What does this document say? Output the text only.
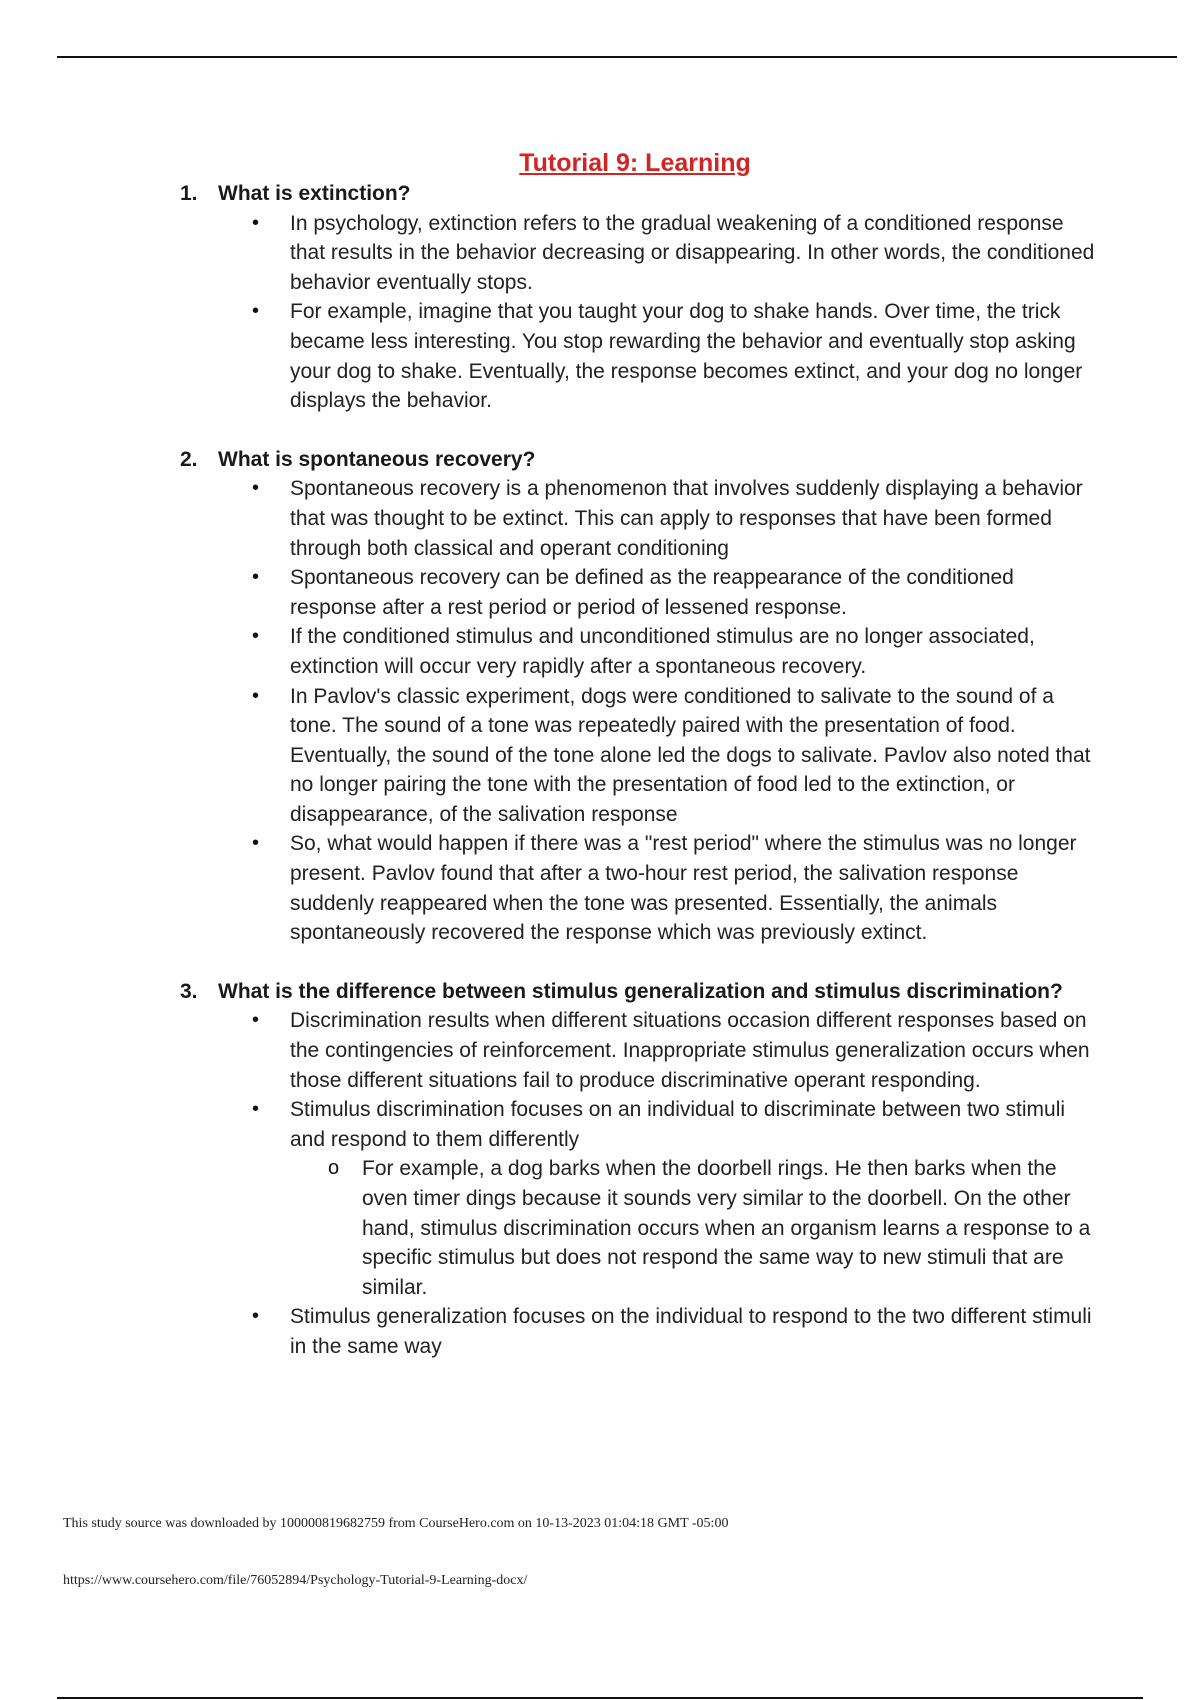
Tutorial 9: Learning
1. What is extinction?
• In psychology, extinction refers to the gradual weakening of a conditioned response that results in the behavior decreasing or disappearing. In other words, the conditioned behavior eventually stops.
• For example, imagine that you taught your dog to shake hands. Over time, the trick became less interesting. You stop rewarding the behavior and eventually stop asking your dog to shake. Eventually, the response becomes extinct, and your dog no longer displays the behavior.
2. What is spontaneous recovery?
• Spontaneous recovery is a phenomenon that involves suddenly displaying a behavior that was thought to be extinct. This can apply to responses that have been formed through both classical and operant conditioning
• Spontaneous recovery can be defined as the reappearance of the conditioned response after a rest period or period of lessened response.
• If the conditioned stimulus and unconditioned stimulus are no longer associated, extinction will occur very rapidly after a spontaneous recovery.
• In Pavlov's classic experiment, dogs were conditioned to salivate to the sound of a tone. The sound of a tone was repeatedly paired with the presentation of food. Eventually, the sound of the tone alone led the dogs to salivate. Pavlov also noted that no longer pairing the tone with the presentation of food led to the extinction, or disappearance, of the salivation response
• So, what would happen if there was a "rest period" where the stimulus was no longer present. Pavlov found that after a two-hour rest period, the salivation response suddenly reappeared when the tone was presented. Essentially, the animals spontaneously recovered the response which was previously extinct.
3. What is the difference between stimulus generalization and stimulus discrimination?
• Discrimination results when different situations occasion different responses based on the contingencies of reinforcement. Inappropriate stimulus generalization occurs when those different situations fail to produce discriminative operant responding.
• Stimulus discrimination focuses on an individual to discriminate between two stimuli and respond to them differently
o For example, a dog barks when the doorbell rings. He then barks when the oven timer dings because it sounds very similar to the doorbell. On the other hand, stimulus discrimination occurs when an organism learns a response to a specific stimulus but does not respond the same way to new stimuli that are similar.
• Stimulus generalization focuses on the individual to respond to the two different stimuli in the same way
This study source was downloaded by 100000819682759 from CourseHero.com on 10-13-2023 01:04:18 GMT -05:00
https://www.coursehero.com/file/76052894/Psychology-Tutorial-9-Learning-docx/
